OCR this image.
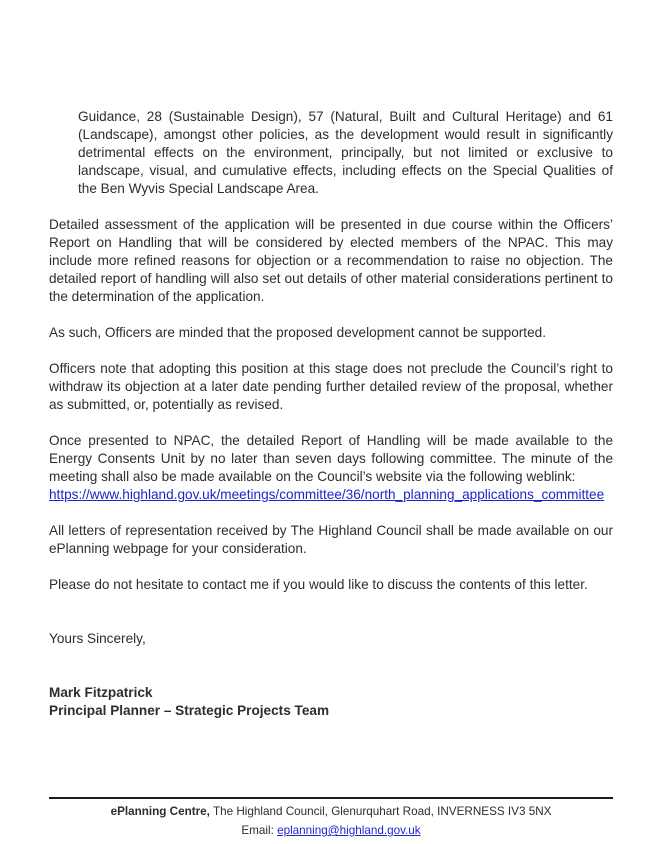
Guidance, 28 (Sustainable Design), 57 (Natural, Built and Cultural Heritage) and 61 (Landscape), amongst other policies, as the development would result in significantly detrimental effects on the environment, principally, but not limited or exclusive to landscape, visual, and cumulative effects, including effects on the Special Qualities of the Ben Wyvis Special Landscape Area.

Detailed assessment of the application will be presented in due course within the Officers’ Report on Handling that will be considered by elected members of the NPAC. This may include more refined reasons for objection or a recommendation to raise no objection. The detailed report of handling will also set out details of other material considerations pertinent to the determination of the application.

As such, Officers are minded that the proposed development cannot be supported.

Officers note that adopting this position at this stage does not preclude the Council’s right to withdraw its objection at a later date pending further detailed review of the proposal, whether as submitted, or, potentially as revised.

Once presented to NPAC, the detailed Report of Handling will be made available to the Energy Consents Unit by no later than seven days following committee. The minute of the meeting shall also be made available on the Council’s website via the following weblink:

https://www.highland.gov.uk/meetings/committee/36/north_planning_applications_committee

All letters of representation received by The Highland Council shall be made available on our ePlanning webpage for your consideration.

Please do not hesitate to contact me if you would like to discuss the contents of this letter.

Yours Sincerely,

Mark Fitzpatrick

Principal Planner – Strategic Projects Team

ePlanning Centre, The Highland Council, Glenurquhart Road, INVERNESS IV3 5NX

Email: eplanning@highland.gov.uk
